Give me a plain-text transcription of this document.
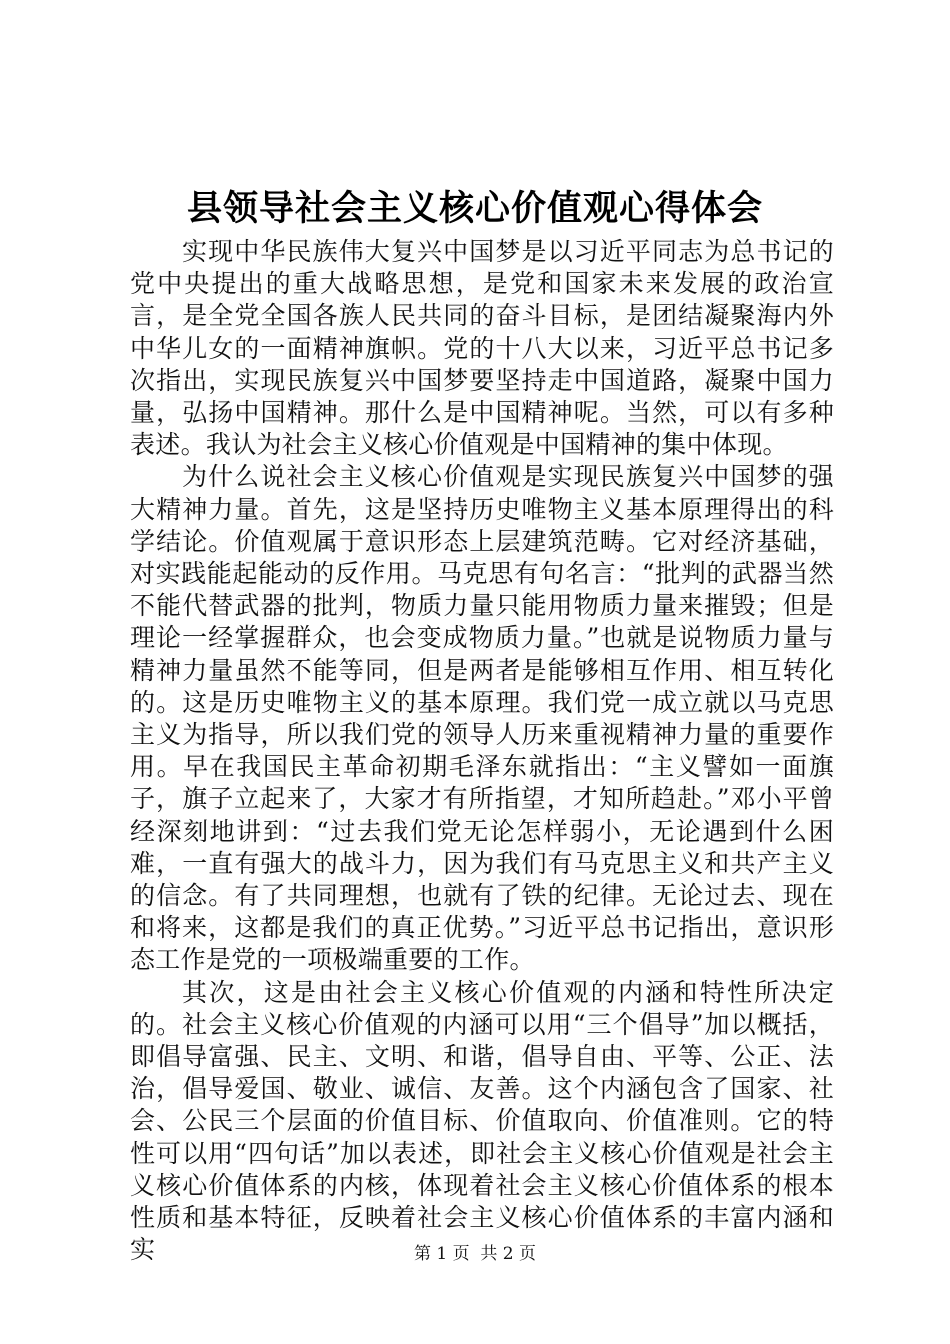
县领导社会主义核心价值观心得体会

实现中华民族伟大复兴中国梦是以习近平同志为总书记的党中央提出的重大战略思想，是党和国家未来发展的政治宣言，是全党全国各族人民共同的奋斗目标，是团结凝聚海内外中华儿女的一面精神旗帜。党的十八大以来，习近平总书记多次指出，实现民族复兴中国梦要坚持走中国道路，凝聚中国力量，弘扬中国精神。那什么是中国精神呢。当然，可以有多种表述。我认为社会主义核心价值观是中国精神的集中体现。

为什么说社会主义核心价值观是实现民族复兴中国梦的强大精神力量。首先，这是坚持历史唯物主义基本原理得出的科学结论。价值观属于意识形态上层建筑范畴。它对经济基础，对实践能起能动的反作用。马克思有句名言：“批判的武器当然不能代替武器的批判，物质力量只能用物质力量来摧毁；但是理论一经掌握群众，也会变成物质力量。”也就是说物质力量与精神力量虽然不能等同，但是两者是能够相互作用、相互转化的。这是历史唯物主义的基本原理。我们党一成立就以马克思主义为指导，所以我们党的领导人历来重视精神力量的重要作用。早在我国民主革命初期毛泽东就指出：“主义譬如一面旗子，旗子立起来了，大家才有所指望，才知所趋赴。”邓小平曾经深刻地讲到：“过去我们党无论怎样弱小，无论遇到什么困难，一直有强大的战斗力，因为我们有马克思主义和共产主义的信念。有了共同理想，也就有了铁的纪律。无论过去、现在和将来，这都是我们的真正优势。”习近平总书记指出，意识形态工作是党的一项极端重要的工作。

其次，这是由社会主义核心价值观的内涵和特性所决定的。社会主义核心价值观的内涵可以用“三个倡导”加以概括，即倡导富强、民主、文明、和谐，倡导自由、平等、公正、法治，倡导爱国、敬业、诚信、友善。这个内涵包含了国家、社会、公民三个层面的价值目标、价值取向、价值准则。它的特性可以用“四句话”加以表述，即社会主义核心价值观是社会主义核心价值体系的内核，体现着社会主义核心价值体系的根本性质和基本特征，反映着社会主义核心价值体系的丰富内涵和实	第 1 页  共 2 页
